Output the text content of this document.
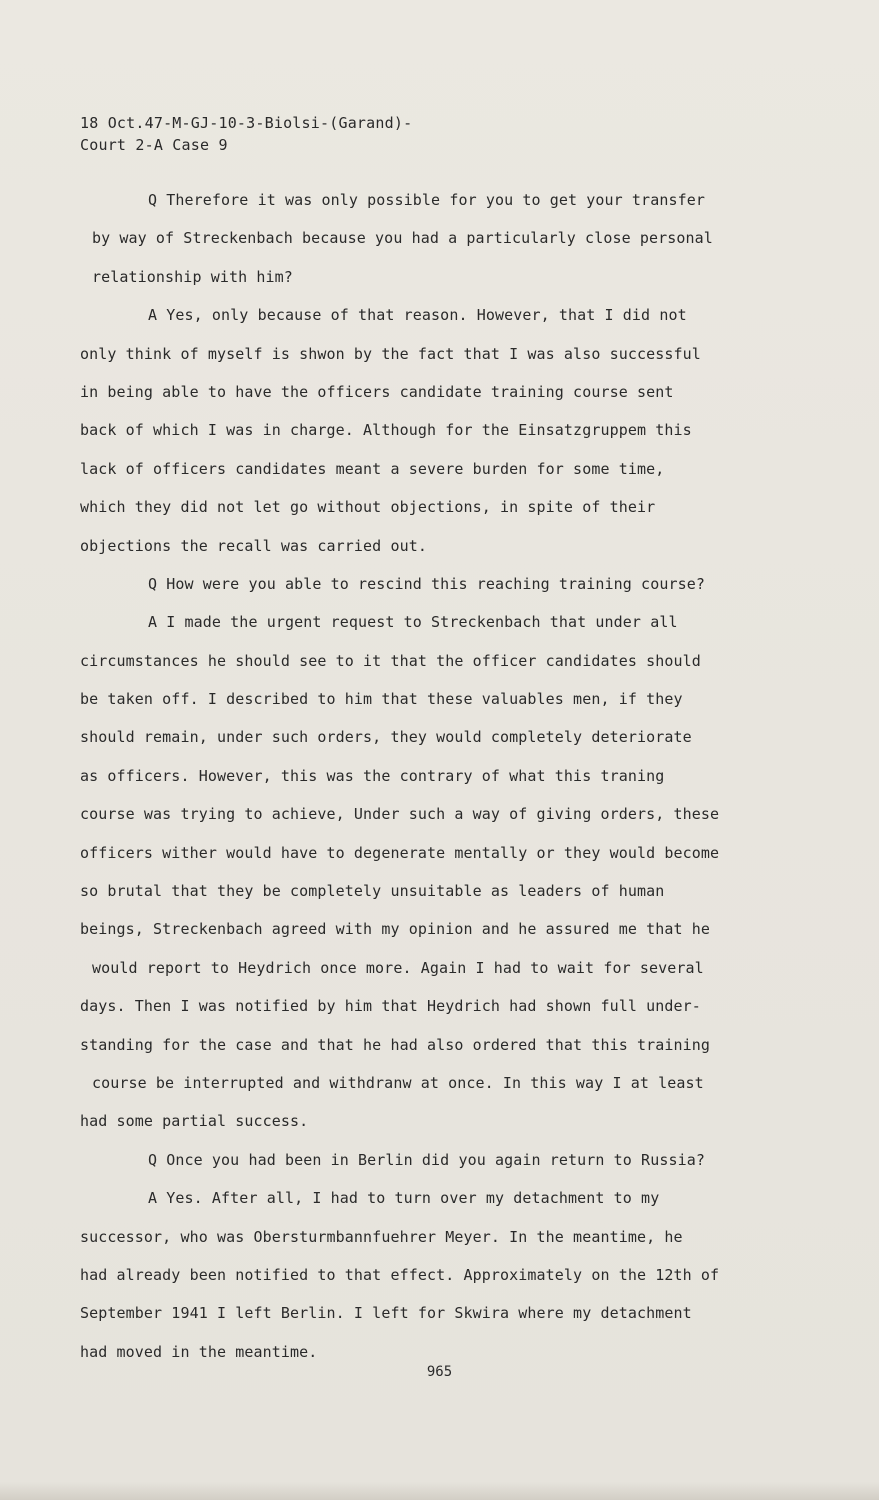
18 Oct.47-M-GJ-10-3-Biolsi-(Garand)-
Court 2-A Case 9
Q Therefore it was only possible for you to get your transfer
by way of Streckenbach because you had a particularly close personal
relationship with him?
A Yes, only because of that reason. However, that I did not
only think of myself is shwon by the fact that I was also successful
in being able to have the officers candidate training course sent
back of which I was in charge. Although for the Einsatzgruppem this
lack of officers candidates meant a severe burden for some time,
which they did not let go without objections, in spite of their
objections the recall was carried out.
Q How were you able to rescind this reaching training course?
A I made the urgent request to Streckenbach that under all
circumstances he should see to it that the officer candidates should
be taken off. I described to him that these valuables men, if they
should remain, under such orders, they would completely deteriorate
as officers. However, this was the contrary of what this traning
course was trying to achieve, Under such a way of giving orders, these
officers wither would have to degenerate mentally or they would become
so brutal that they be completely unsuitable as leaders of human
beings, Streckenbach agreed with my opinion and he assured me that he
would report to Heydrich once more. Again I had to wait for several
days. Then I was notified by him that Heydrich had shown full under-
standing for the case and that he had also ordered that this training
course be interrupted and withdranw at once. In this way I at least
had some partial success.
Q Once you had been in Berlin did you again return to Russia?
A Yes. After all, I had to turn over my detachment to my
successor, who was Obersturmbannfuehrer Meyer. In the meantime, he
had already been notified to that effect. Approximately on the 12th of
September 1941 I left Berlin. I left for Skwira where my detachment
had moved in the meantime.
965
